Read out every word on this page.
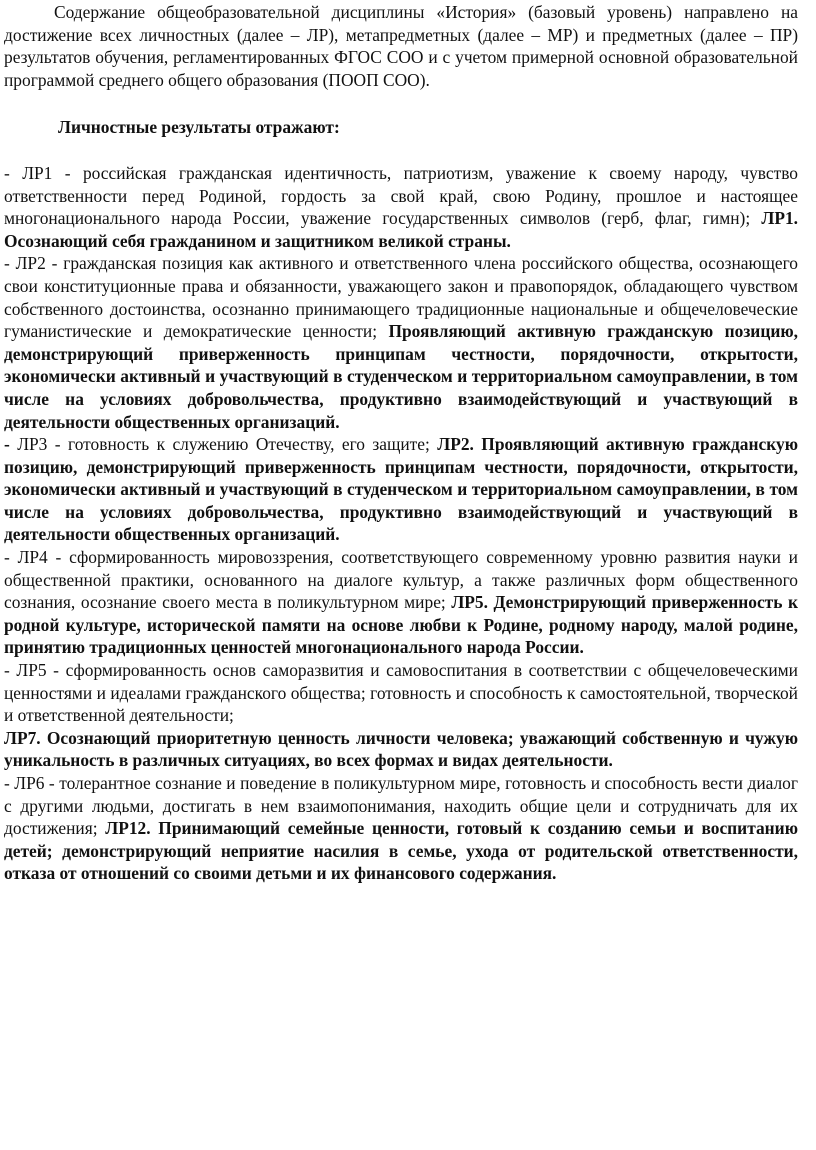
Содержание общеобразовательной дисциплины «История» (базовый уровень) направлено на достижение всех личностных (далее – ЛР), метапредметных (далее – МР) и предметных (далее – ПР) результатов обучения, регламентированных ФГОС СОО и с учетом примерной основной образовательной программой среднего общего образования (ПООП СОО).

Личностные результаты отражают:

- ЛР1 - российская гражданская идентичность, патриотизм, уважение к своему народу, чувство ответственности перед Родиной, гордость за свой край, свою Родину, прошлое и настоящее многонационального народа России, уважение государственных символов (герб, флаг, гимн); ЛР1. Осознающий себя гражданином и защитником великой страны.

- ЛР2 - гражданская позиция как активного и ответственного члена российского общества, осознающего свои конституционные права и обязанности, уважающего закон и правопорядок, обладающего чувством собственного достоинства, осознанно принимающего традиционные национальные и общечеловеческие гуманистические и демократические ценности; Проявляющий активную гражданскую позицию, демонстрирующий приверженность принципам честности, порядочности, открытости, экономически активный и участвующий в студенческом и территориальном самоуправлении, в том числе на условиях добровольчества, продуктивно взаимодействующий и участвующий в деятельности общественных организаций.

- ЛР3 - готовность к служению Отечеству, его защите; ЛР2. Проявляющий активную гражданскую позицию, демонстрирующий приверженность принципам честности, порядочности, открытости, экономически активный и участвующий в студенческом и территориальном самоуправлении, в том числе на условиях добровольчества, продуктивно взаимодействующий и участвующий в деятельности общественных организаций.

- ЛР4 - сформированность мировоззрения, соответствующего современному уровню развития науки и общественной практики, основанного на диалоге культур, а также различных форм общественного сознания, осознание своего места в поликультурном мире; ЛР5. Демонстрирующий приверженность к родной культуре, исторической памяти на основе любви к Родине, родному народу, малой родине, принятию традиционных ценностей многонационального народа России.

- ЛР5 - сформированность основ саморазвития и самовоспитания в соответствии с общечеловеческими ценностями и идеалами гражданского общества; готовность и способность к самостоятельной, творческой и ответственной деятельности;

ЛР7. Осознающий приоритетную ценность личности человека; уважающий собственную и чужую уникальность в различных ситуациях, во всех формах и видах деятельности.

- ЛР6 - толерантное сознание и поведение в поликультурном мире, готовность и способность вести диалог с другими людьми, достигать в нем взаимопонимания, находить общие цели и сотрудничать для их достижения; ЛР12. Принимающий семейные ценности, готовый к созданию семьи и воспитанию детей; демонстрирующий неприятие насилия в семье, ухода от родительской ответственности, отказа от отношений со своими детьми и их финансового содержания.
